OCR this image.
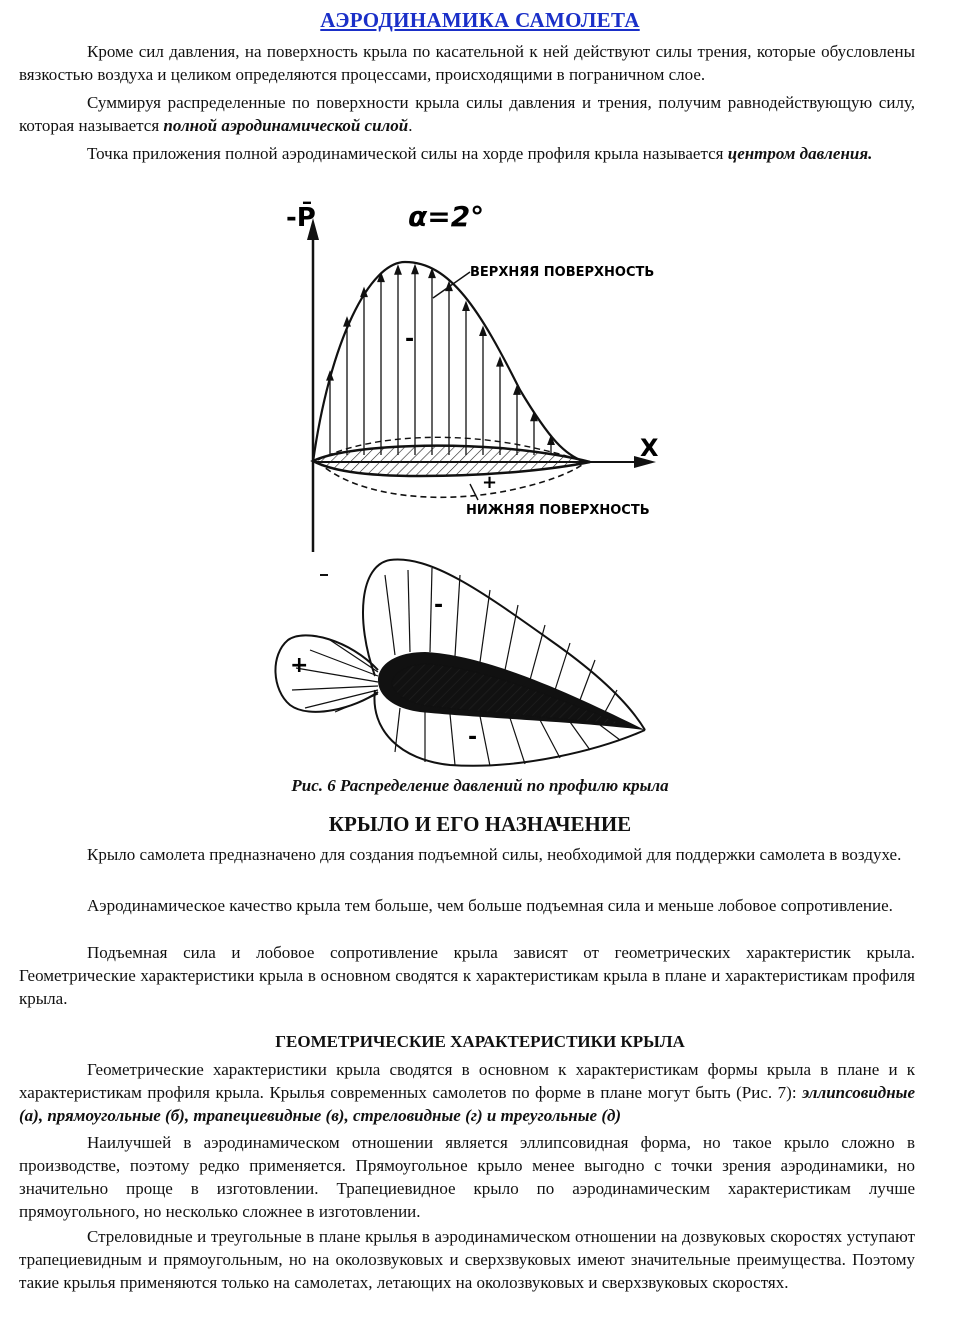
АЭРОДИНАМИКА САМОЛЕТА

Кроме сил давления, на поверхность крыла по касательной к ней действуют силы трения, которые обусловлены вязкостью воздуха и целиком определяются процессами, происходящими в пограничном слое.

Суммируя распределенные по поверхности крыла силы давления и трения, получим равнодействующую силу, которая называется полной аэродинамической силой.

Точка приложения полной аэродинамической силы на хорде профиля крыла называется центром давления.

-P̄	α=2°
X
ВЕРХНЯЯ ПОВЕРХНОСТЬ
-
+
НИЖНЯЯ ПОВЕРХНОСТЬ
+
-
-

Рис. 6 Распределение давлений по профилю крыла

КРЫЛО И ЕГО НАЗНАЧЕНИЕ

Крыло самолета предназначено для создания подъемной силы, необходимой для поддержки самолета в воздухе.

Аэродинамическое качество крыла тем больше, чем больше подъемная сила и меньше лобовое сопротивление.

Подъемная сила и лобовое сопротивление крыла зависят от геометрических характеристик крыла. Геометрические характеристики крыла в основном сводятся к характеристикам крыла в плане и характеристикам профиля крыла.

ГЕОМЕТРИЧЕСКИЕ ХАРАКТЕРИСТИКИ КРЫЛА

Геометрические характеристики крыла сводятся в основном к характеристикам формы крыла в плане и к характеристикам профиля крыла. Крылья современных самолетов по форме в плане могут быть (Рис. 7): эллипсовидные (а), прямоугольные (б), трапециевидные (в), стреловидные (г) и треугольные (д)

Наилучшей в аэродинамическом отношении является эллипсовидная форма, но такое крыло сложно в производстве, поэтому редко применяется. Прямоугольное крыло менее выгодно с точки зрения аэродинамики, но значительно проще в изготовлении. Трапециевидное крыло по аэродинамическим характеристикам лучше прямоугольного, но несколько сложнее в изготовлении.

Стреловидные и треугольные в плане крылья в аэродинамическом отношении на дозвуковых скоростях уступают трапециевидным и прямоугольным, но на околозвуковых и сверхзвуковых имеют значительные преимущества. Поэтому такие крылья применяются только на самолетах, летающих на околозвуковых и сверхзвуковых скоростях.
